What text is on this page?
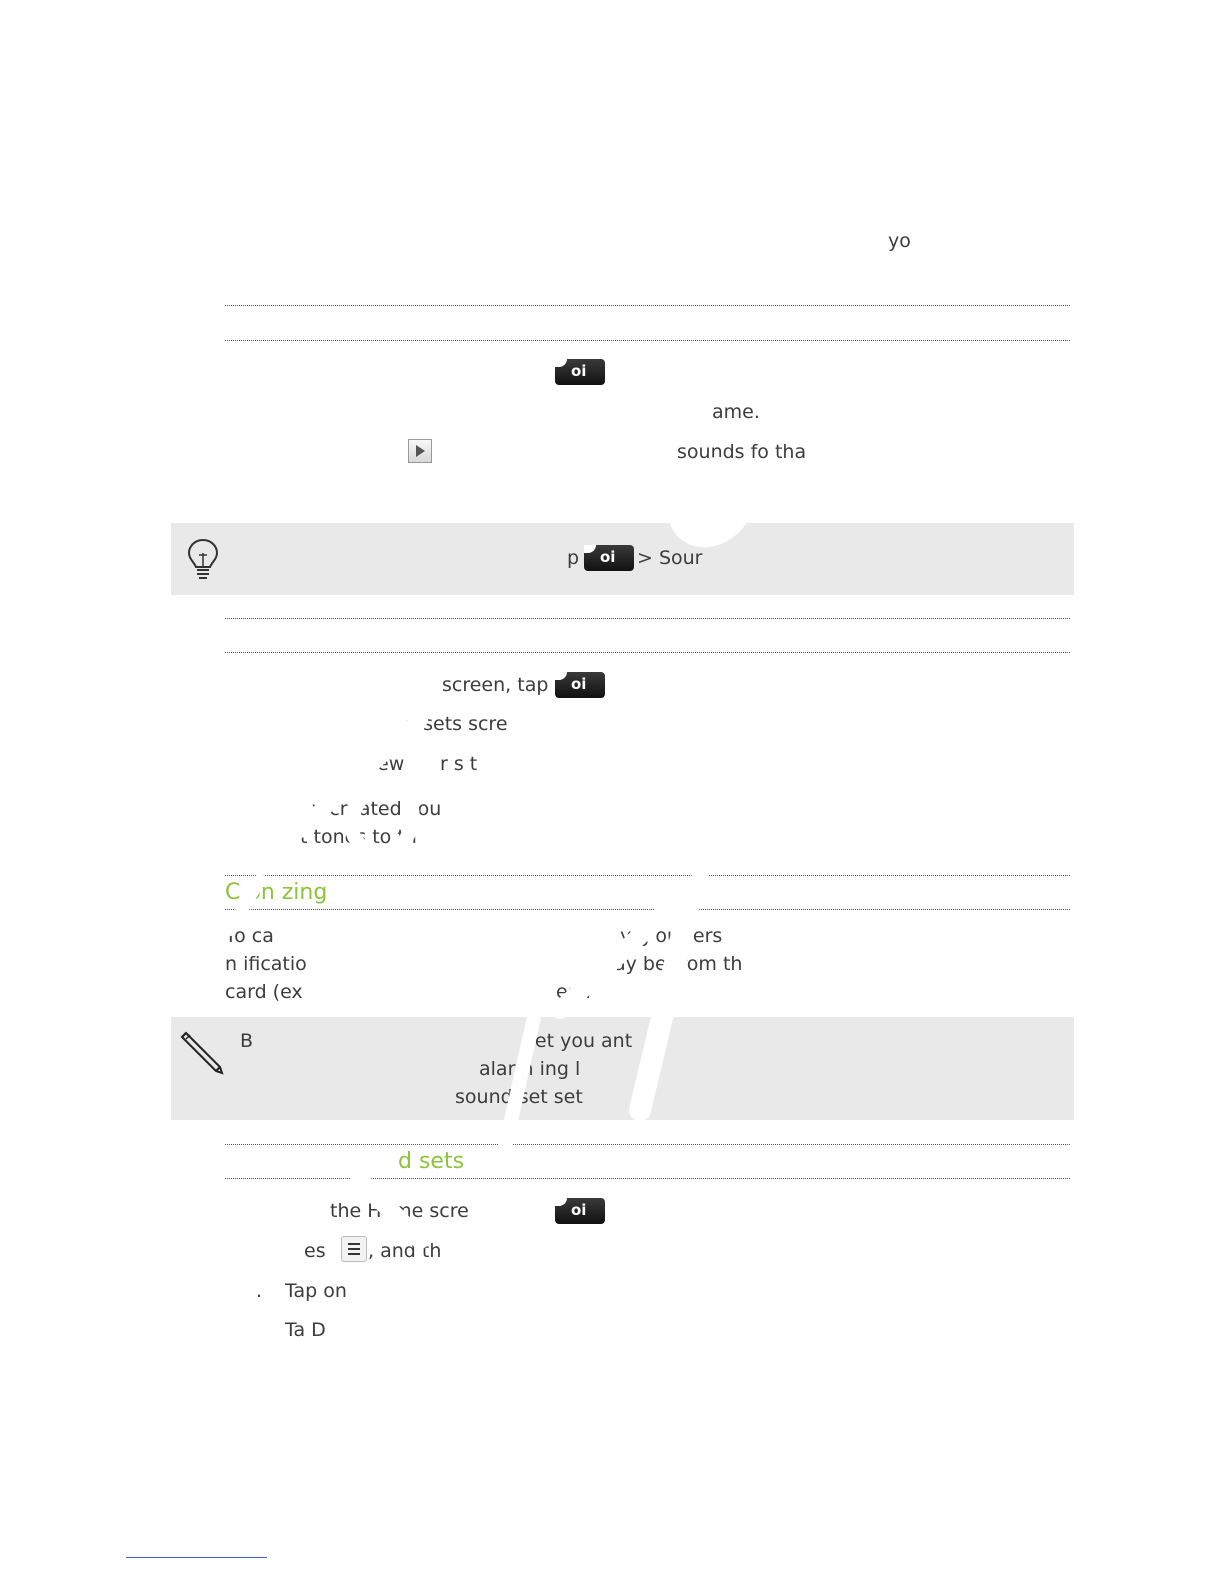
yo
oi
ame.
sounds fo tha
p oi > Sour
screen, tap oi
d sets scre
new r s t
y created sou
t tones to th
C on zing
Yo ca	y g our ers
n ificatio	ay be from th
card (ex	es).
B	set you ant
alarm ing l
sound set set
d sets
the Home scre	oi
es , and th
. Tap on
Ta D
